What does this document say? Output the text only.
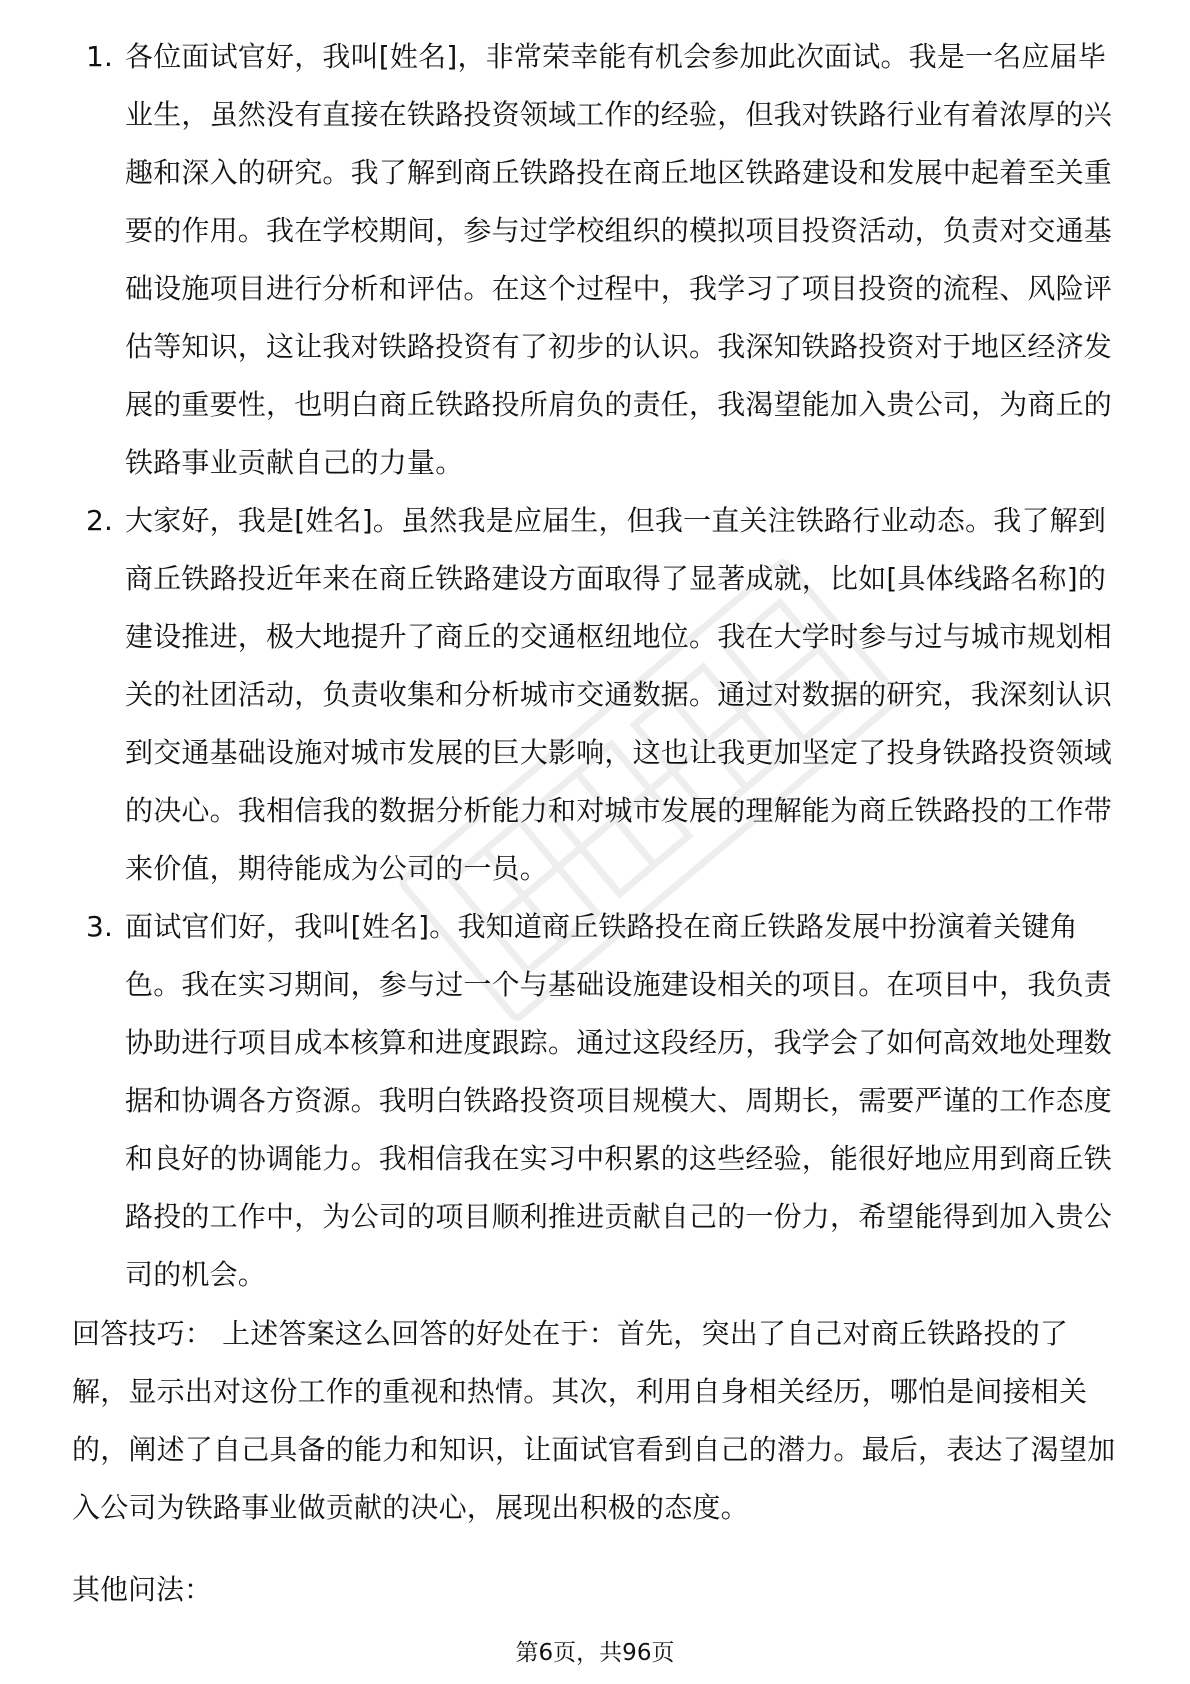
1. 各位面试官好，我叫[姓名]，非常荣幸能有机会参加此次面试。我是一名应届毕业生，虽然没有直接在铁路投资领域工作的经验，但我对铁路行业有着浓厚的兴趣和深入的研究。我了解到商丘铁路投在商丘地区铁路建设和发展中起着至关重要的作用。我在学校期间，参与过学校组织的模拟项目投资活动，负责对交通基础设施项目进行分析和评估。在这个过程中，我学习了项目投资的流程、风险评估等知识，这让我对铁路投资有了初步的认识。我深知铁路投资对于地区经济发展的重要性，也明白商丘铁路投所肩负的责任，我渴望能加入贵公司，为商丘的铁路事业贡献自己的力量。
2. 大家好，我是[姓名]。虽然我是应届生，但我一直关注铁路行业动态。我了解到商丘铁路投近年来在商丘铁路建设方面取得了显著成就，比如[具体线路名称]的建设推进，极大地提升了商丘的交通枢纽地位。我在大学时参与过与城市规划相关的社团活动，负责收集和分析城市交通数据。通过对数据的研究，我深刻认识到交通基础设施对城市发展的巨大影响，这也让我更加坚定了投身铁路投资领域的决心。我相信我的数据分析能力和对城市发展的理解能为商丘铁路投的工作带来价值，期待能成为公司的一员。
3. 面试官们好，我叫[姓名]。我知道商丘铁路投在商丘铁路发展中扮演着关键角色。我在实习期间，参与过一个与基础设施建设相关的项目。在项目中，我负责协助进行项目成本核算和进度跟踪。通过这段经历，我学会了如何高效地处理数据和协调各方资源。我明白铁路投资项目规模大、周期长，需要严谨的工作态度和良好的协调能力。我相信我在实习中积累的这些经验，能很好地应用到商丘铁路投的工作中，为公司的项目顺利推进贡献自己的一份力，希望能得到加入贵公司的机会。

回答技巧： 上述答案这么回答的好处在于：首先，突出了自己对商丘铁路投的了解，显示出对这份工作的重视和热情。其次，利用自身相关经历，哪怕是间接相关的，阐述了自己具备的能力和知识，让面试官看到自己的潜力。最后，表达了渴望加入公司为铁路事业做贡献的决心，展现出积极的态度。

其他问法：

第6页，共96页
